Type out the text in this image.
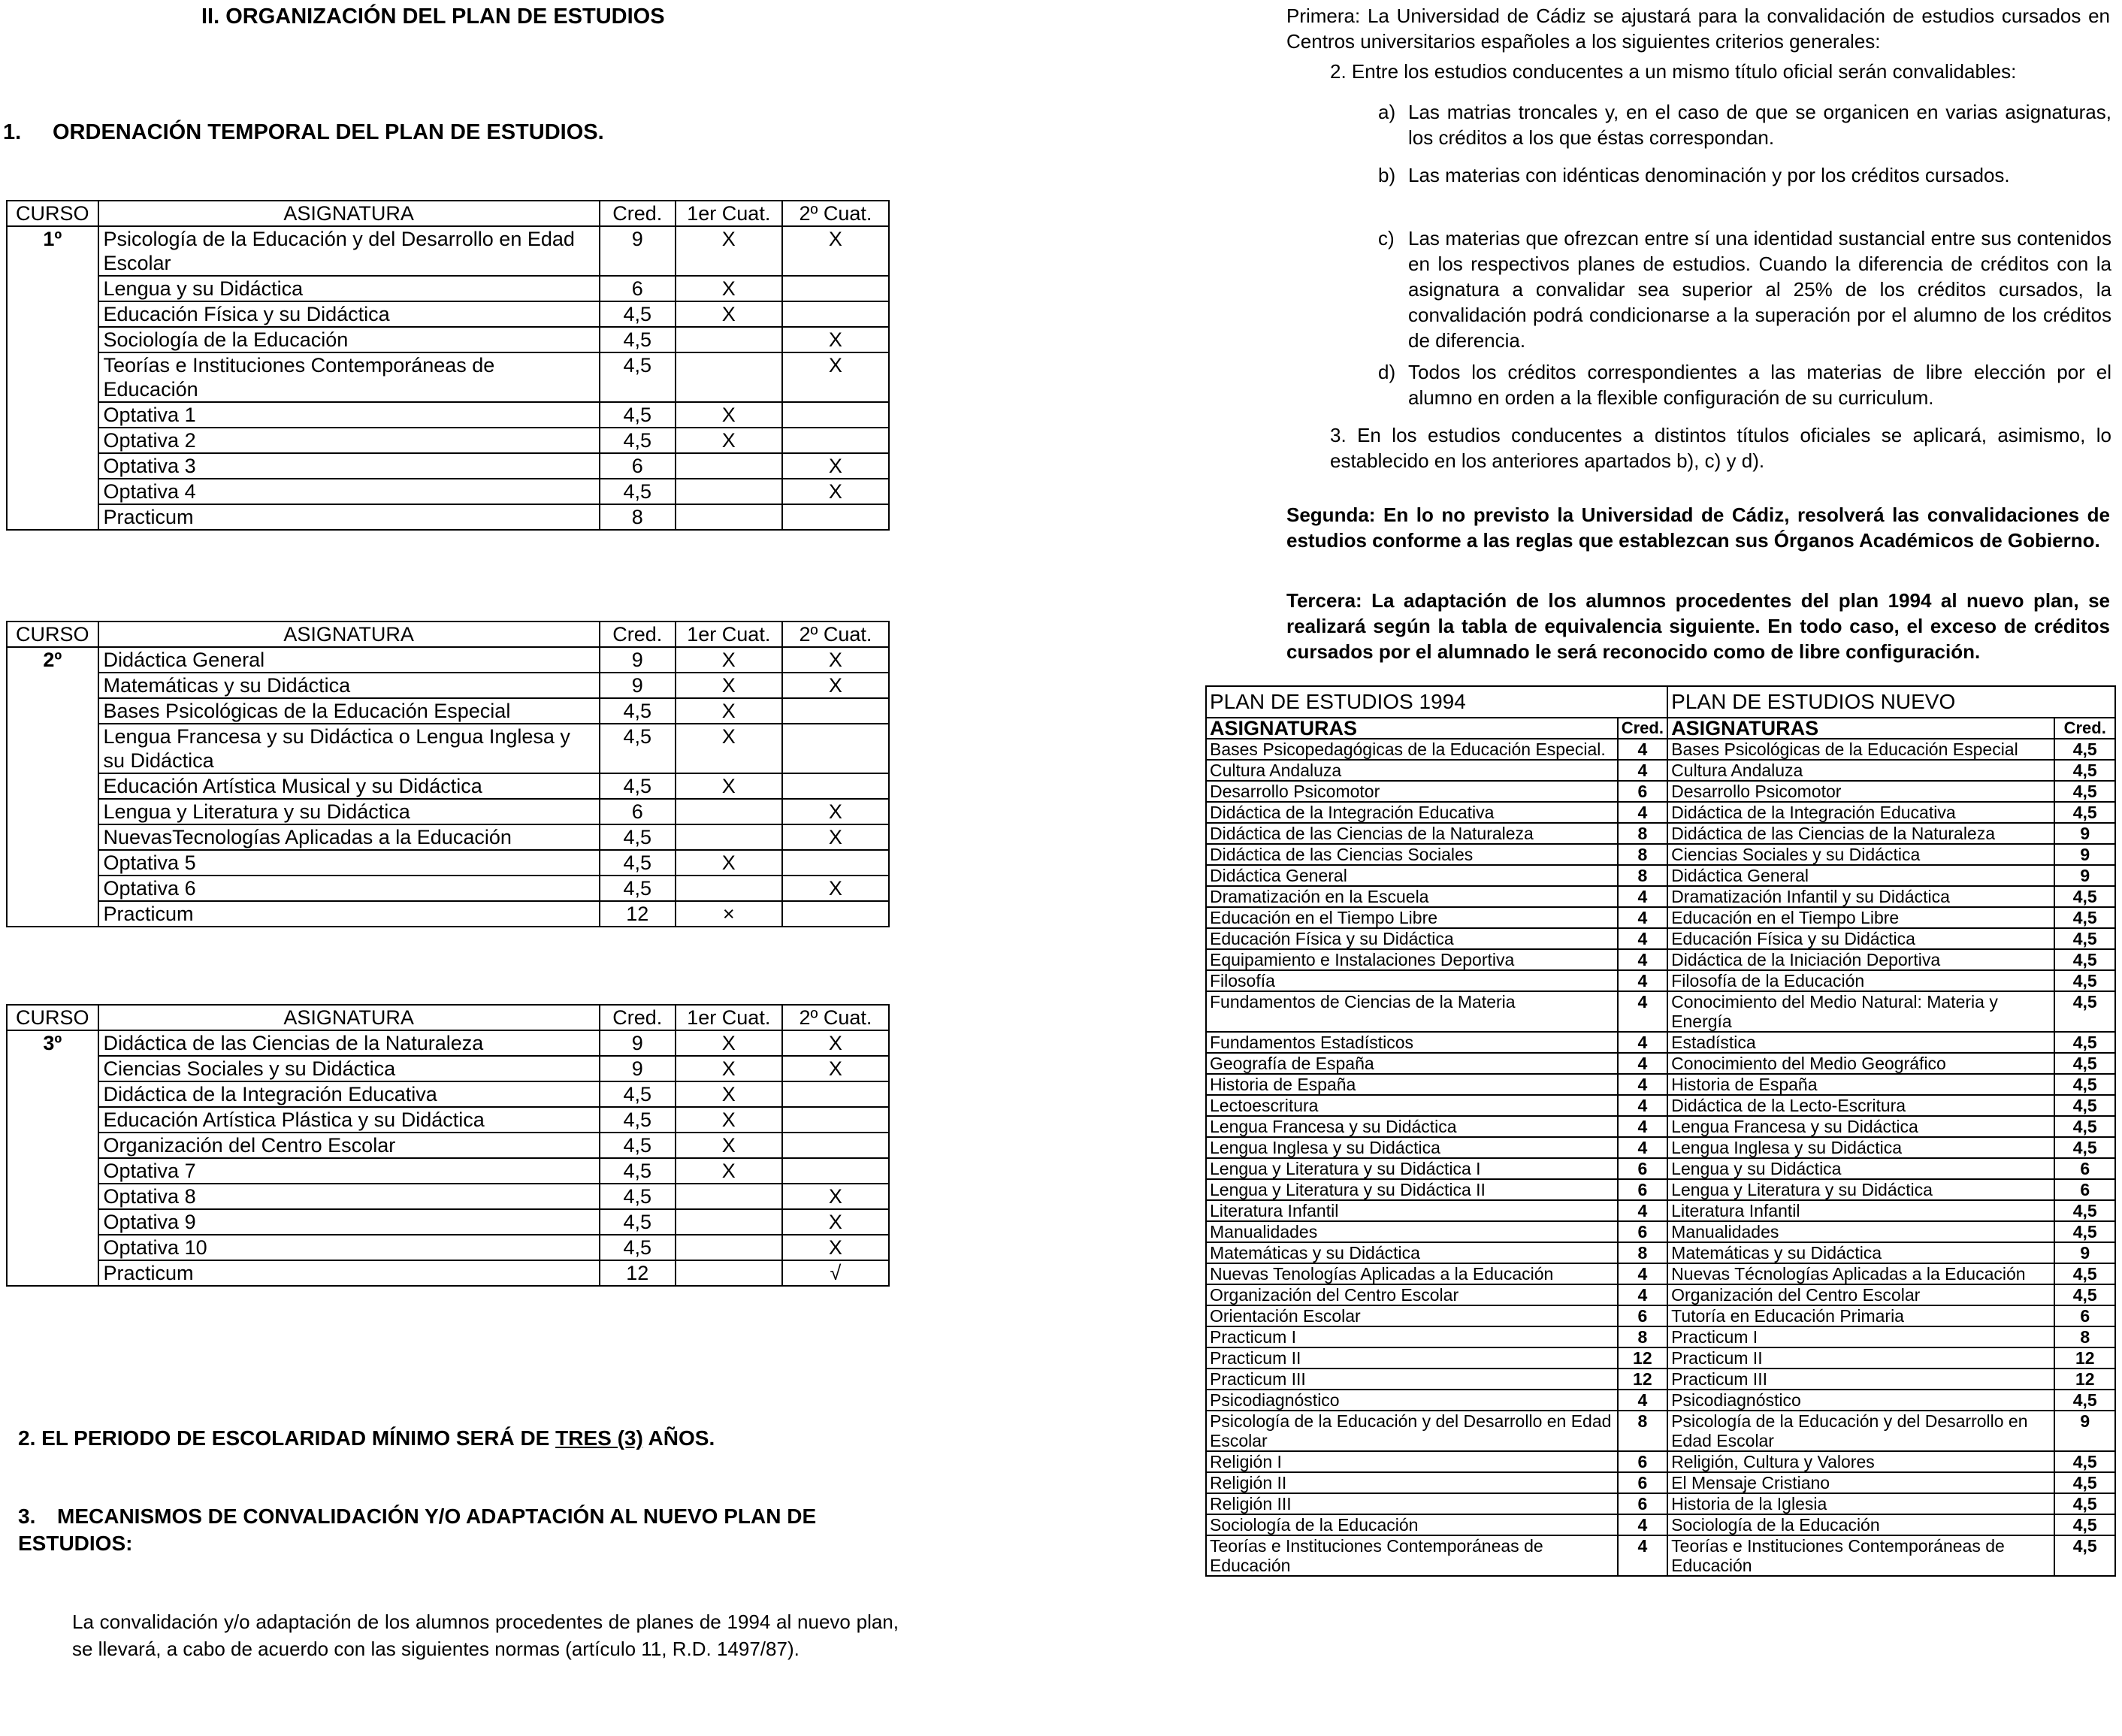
II. ORGANIZACIÓN DEL PLAN DE ESTUDIOS
1. ORDENACIÓN TEMPORAL DEL PLAN DE ESTUDIOS.
CURSO	ASIGNATURA	Cred.	1er Cuat.	2º Cuat.
1º	Psicología de la Educación y del Desarrollo en Edad Escolar	9	X	X
	Lengua y su Didáctica	6	X	
	Educación Física y su Didáctica	4,5	X	
	Sociología de la Educación	4,5		X
	Teorías e Instituciones Contemporáneas de Educación	4,5		X
	Optativa 1	4,5	X	
	Optativa 2	4,5	X	
	Optativa 3	6		X
	Optativa 4	4,5		X
	Practicum	8		
CURSO	ASIGNATURA	Cred.	1er Cuat.	2º Cuat.
2º	Didáctica General	9	X	X
	Matemáticas y su Didáctica	9	X	X
	Bases Psicológicas de la Educación Especial	4,5	X	
	Lengua Francesa y su Didáctica o Lengua Inglesa y su Didáctica	4,5	X	
	Educación Artística Musical y su Didáctica	4,5	X	
	Lengua y Literatura y su Didáctica	6		X
	NuevasTecnologías Aplicadas a la Educación	4,5		X
	Optativa 5	4,5	X	
	Optativa 6	4,5		X
	Practicum	12	×	
CURSO	ASIGNATURA	Cred.	1er Cuat.	2º Cuat.
3º	Didáctica de las Ciencias de la Naturaleza	9	X	X
	Ciencias Sociales y su Didáctica	9	X	X
	Didáctica de la Integración Educativa	4,5	X	
	Educación Artística Plástica y su Didáctica	4,5	X	
	Organización del Centro Escolar	4,5	X	
	Optativa 7	4,5	X	
	Optativa 8	4,5		X
	Optativa 9	4,5		X
	Optativa 10	4,5		X
	Practicum	12		√
2. EL PERIODO DE ESCOLARIDAD MÍNIMO SERÁ DE TRES (3) AÑOS.
3. MECANISMOS DE CONVALIDACIÓN Y/O ADAPTACIÓN AL NUEVO PLAN DE ESTUDIOS:
La convalidación y/o adaptación de los alumnos procedentes de planes de 1994 al nuevo plan, se llevará, a cabo de acuerdo con las siguientes normas (artículo 11, R.D. 1497/87).
Primera: La Universidad de Cádiz se ajustará para la convalidación de estudios cursados en Centros universitarios españoles a los siguientes criterios generales:
2. Entre los estudios conducentes a un mismo título oficial serán convalidables:
a) Las matrias troncales y, en el caso de que se organicen en varias asignaturas, los créditos a los que éstas correspondan.
b) Las materias con idénticas denominación y por los créditos cursados.
c) Las materias que ofrezcan entre sí una identidad sustancial entre sus contenidos en los respectivos planes de estudios. Cuando la diferencia de créditos con la asignatura a convalidar sea superior al 25% de los créditos cursados, la convalidación podrá condicionarse a la superación por el alumno de los créditos de diferencia.
d) Todos los créditos correspondientes a las materias de libre elección por el alumno en orden a la flexible configuración de su curriculum.
3. En los estudios conducentes a distintos títulos oficiales se aplicará, asimismo, lo establecido en los anteriores apartados b), c) y d).
Segunda: En lo no previsto la Universidad de Cádiz, resolverá las convalidaciones de estudios conforme a las reglas que establezcan sus Órganos Académicos de Gobierno.
Tercera: La adaptación de los alumnos procedentes del plan 1994 al nuevo plan, se realizará según la tabla de equivalencia siguiente. En todo caso, el exceso de créditos cursados por el alumnado le será reconocido como de libre configuración.
PLAN DE ESTUDIOS 1994		PLAN DE ESTUDIOS NUEVO	
ASIGNATURAS	Cred.	ASIGNATURAS	Cred.
Bases Psicopedagógicas de la Educación Especial.	4	Bases Psicológicas de la Educación Especial	4,5
Cultura Andaluza	4	Cultura Andaluza	4,5
Desarrollo Psicomotor	6	Desarrollo Psicomotor	4,5
Didáctica de la Integración Educativa	4	Didáctica de la Integración Educativa	4,5
Didáctica de las Ciencias de la Naturaleza	8	Didáctica de las Ciencias de la Naturaleza	9
Didáctica de las Ciencias Sociales	8	Ciencias Sociales y su Didáctica	9
Didáctica General	8	Didáctica General	9
Dramatización en la Escuela	4	Dramatización Infantil y su Didáctica	4,5
Educación en el Tiempo Libre	4	Educación en el Tiempo Libre	4,5
Educación Física y su Didáctica	4	Educación Física y su Didáctica	4,5
Equipamiento e Instalaciones Deportiva	4	Didáctica de la Iniciación Deportiva	4,5
Filosofía	4	Filosofía de la Educación	4,5
Fundamentos de Ciencias de la Materia	4	Conocimiento del Medio Natural: Materia y Energía	4,5
Fundamentos Estadísticos	4	Estadística	4,5
Geografía de España	4	Conocimiento del Medio Geográfico	4,5
Historia de España	4	Historia de España	4,5
Lectoescritura	4	Didáctica de la Lecto-Escritura	4,5
Lengua Francesa y su Didáctica	4	Lengua Francesa y su Didáctica	4,5
Lengua Inglesa y su Didáctica	4	Lengua Inglesa y su Didáctica	4,5
Lengua y Literatura y su Didáctica I	6	Lengua y su Didáctica	6
Lengua y Literatura y su Didáctica II	6	Lengua y Literatura y su Didáctica	6
Literatura Infantil	4	Literatura Infantil	4,5
Manualidades	6	Manualidades	4,5
Matemáticas y su Didáctica	8	Matemáticas y su Didáctica	9
Nuevas Tenologías Aplicadas a la Educación	4	Nuevas Técnologías Aplicadas a la Educación	4,5
Organización del Centro Escolar	4	Organización del Centro Escolar	4,5
Orientación Escolar	6	Tutoría en Educación Primaria	6
Practicum I	8	Practicum I	8
Practicum II	12	Practicum II	12
Practicum III	12	Practicum III	12
Psicodiagnóstico	4	Psicodiagnóstico	4,5
Psicología de la Educación y del Desarrollo en Edad Escolar	8	Psicología de la Educación y del Desarrollo en Edad Escolar	9
Religión I	6	Religión, Cultura y Valores	4,5
Religión II	6	El Mensaje Cristiano	4,5
Religión III	6	Historia de la Iglesia	4,5
Sociología de la Educación	4	Sociología de la Educación	4,5
Teorías e Instituciones Contemporáneas de Educación	4	Teorías e Instituciones Contemporáneas de Educación	4,5
